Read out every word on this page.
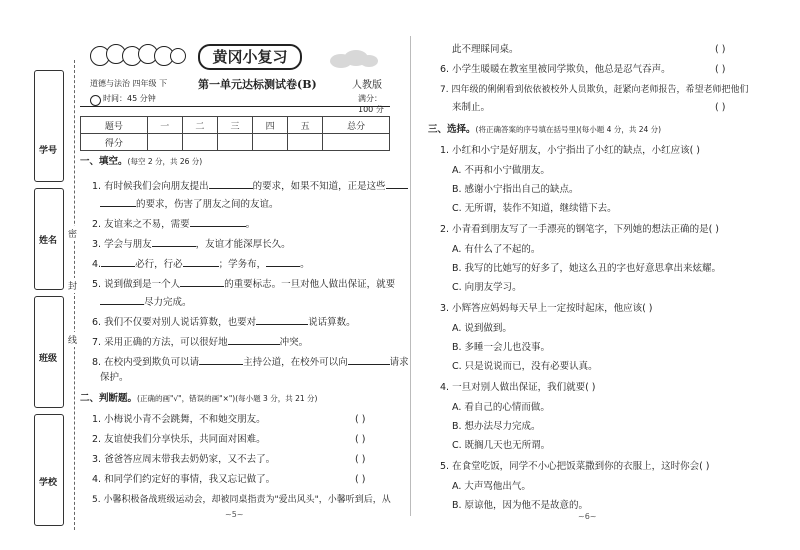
学号
姓名
班级
学校
密
封
线
黄冈小复习
道德与法治 四年级 下	第一单元达标测试卷(B)	人教版
时间：45 分钟	满分：100 分
题号	一	二	三	四	五	总分
得分						
一、填空。(每空 2 分，共 26 分)
1. 有时候我们会向朋友提出	的要求，如果不知道，正是这些
的要求，伤害了朋友之间的友谊。
2. 友谊来之不易，需要	。
3. 学会与朋友	，友谊才能深厚长久。
4.	必行，行必	；学务布，	。
5. 说到做到是一个人	的重要标志。一旦对他人做出保证，就要
尽力完成。
6. 我们不仅要对别人说话算数，也要对	说话算数。
7. 采用正确的方法，可以很好地	冲突。
8. 在校内受到欺负可以请	主持公道，在校外可以向	请求
保护。
二、判断题。(正确的画"√"，错误的画"×")(每小题 3 分，共 21 分)
1. 小梅说小青不会跳舞，不和她交朋友。	( )
2. 友谊使我们分享快乐，共同面对困难。	( )
3. 爸爸答应周末带我去奶奶家，又不去了。	( )
4. 和同学们约定好的事情，我又忘记做了。	( )
5. 小馨积极备战班级运动会，却被同桌指责为"爱出风头"，小馨听到后，从
~5~
此不理睬同桌。	( )
6. 小学生暖暖在教室里被同学欺负，他总是忍气吞声。	( )
7. 四年级的俐俐看到依依被校外人员欺负，赶紧向老师报告，希望老师把他们
来制止。	( )
三、选择。(将正确答案的序号填在括号里)(每小题 4 分，共 24 分)
1. 小红和小宁是好朋友，小宁指出了小红的缺点，小红应该( )
A. 不再和小宁做朋友。
B. 感谢小宁指出自己的缺点。
C. 无所谓，装作不知道，继续错下去。
2. 小青看到朋友写了一手漂亮的钢笔字，下列她的想法正确的是( )
A. 有什么了不起的。
B. 我写的比她写的好多了，她这么丑的字也好意思拿出来炫耀。
C. 向朋友学习。
3. 小辉答应妈妈每天早上一定按时起床，他应该( )
A. 说到做到。
B. 多睡一会儿也没事。
C. 只是说说而已，没有必要认真。
4. 一旦对别人做出保证，我们就要( )
A. 看自己的心情而做。
B. 想办法尽力完成。
C. 既搁几天也无所谓。
5. 在食堂吃饭，同学不小心把饭菜撒到你的衣服上，这时你会( )
A. 大声骂他出气。
B. 原谅他，因为他不是故意的。
~6~
